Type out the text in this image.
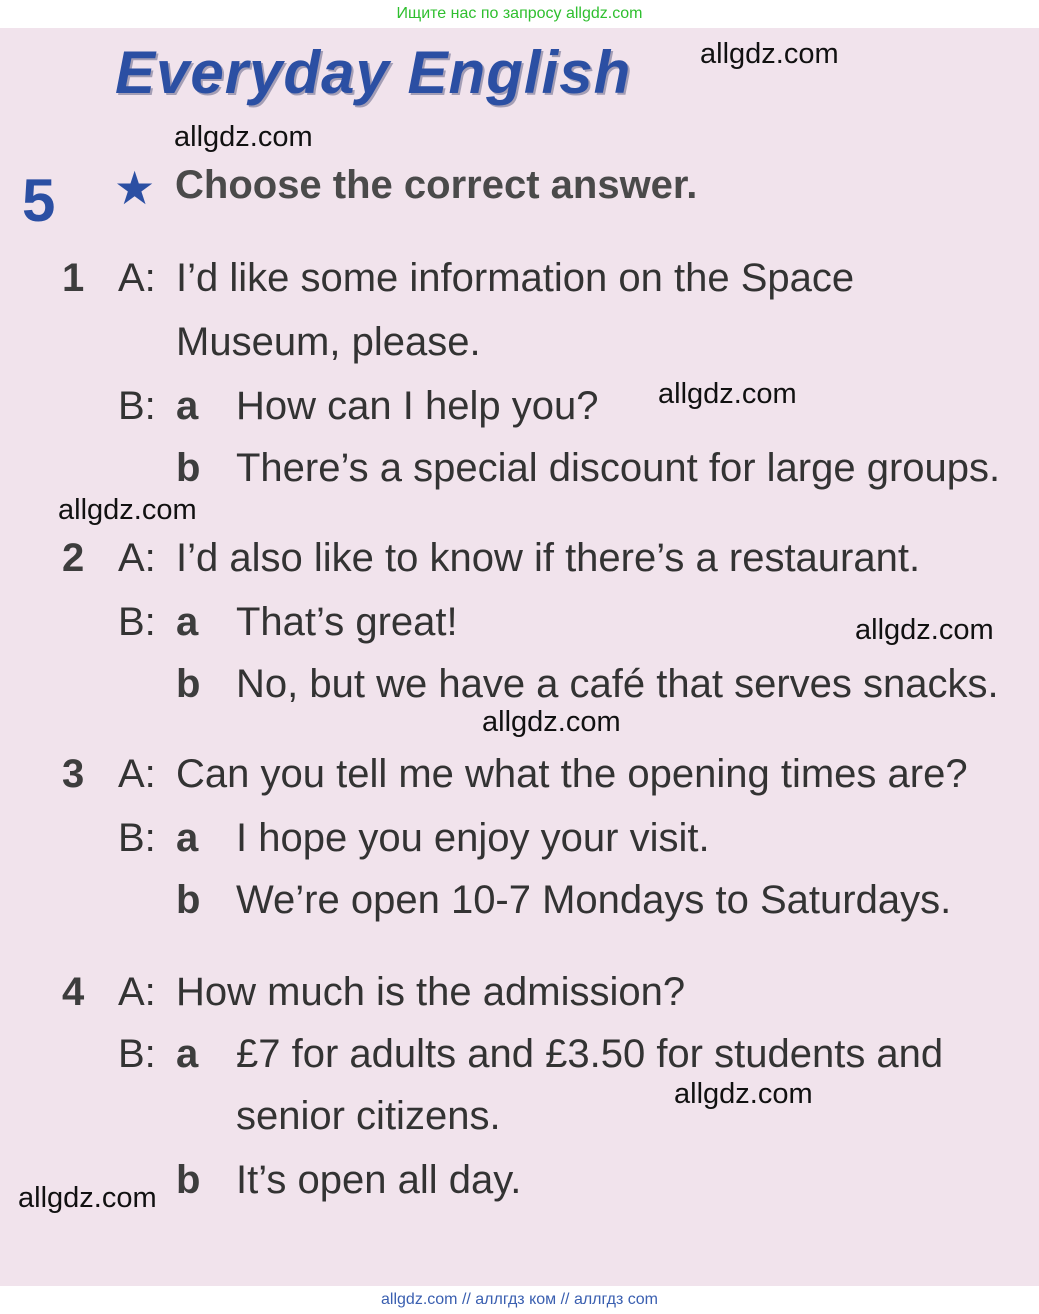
Ищите нас по запросу allgdz.com
Everyday English allgdz.com
allgdz.com
5 ★ Choose the correct answer.
1 A: I’d like some information on the Space
Museum, please.
B: a How can I help you? allgdz.com
b There’s a special discount for large groups.
allgdz.com
2 A: I’d also like to know if there’s a restaurant.
B: a That’s great!	allgdz.com
b No, but we have a café that serves snacks.
allgdz.com
3 A: Can you tell me what the opening times are?
B: a I hope you enjoy your visit.
b We’re open 10-7 Mondays to Saturdays.
4 A: How much is the admission?
B: a £7 for adults and £3.50 for students and
senior citizens.	allgdz.com
b It’s open all day.
allgdz.com
allgdz.com // аллгдз ком // аллгдз com
